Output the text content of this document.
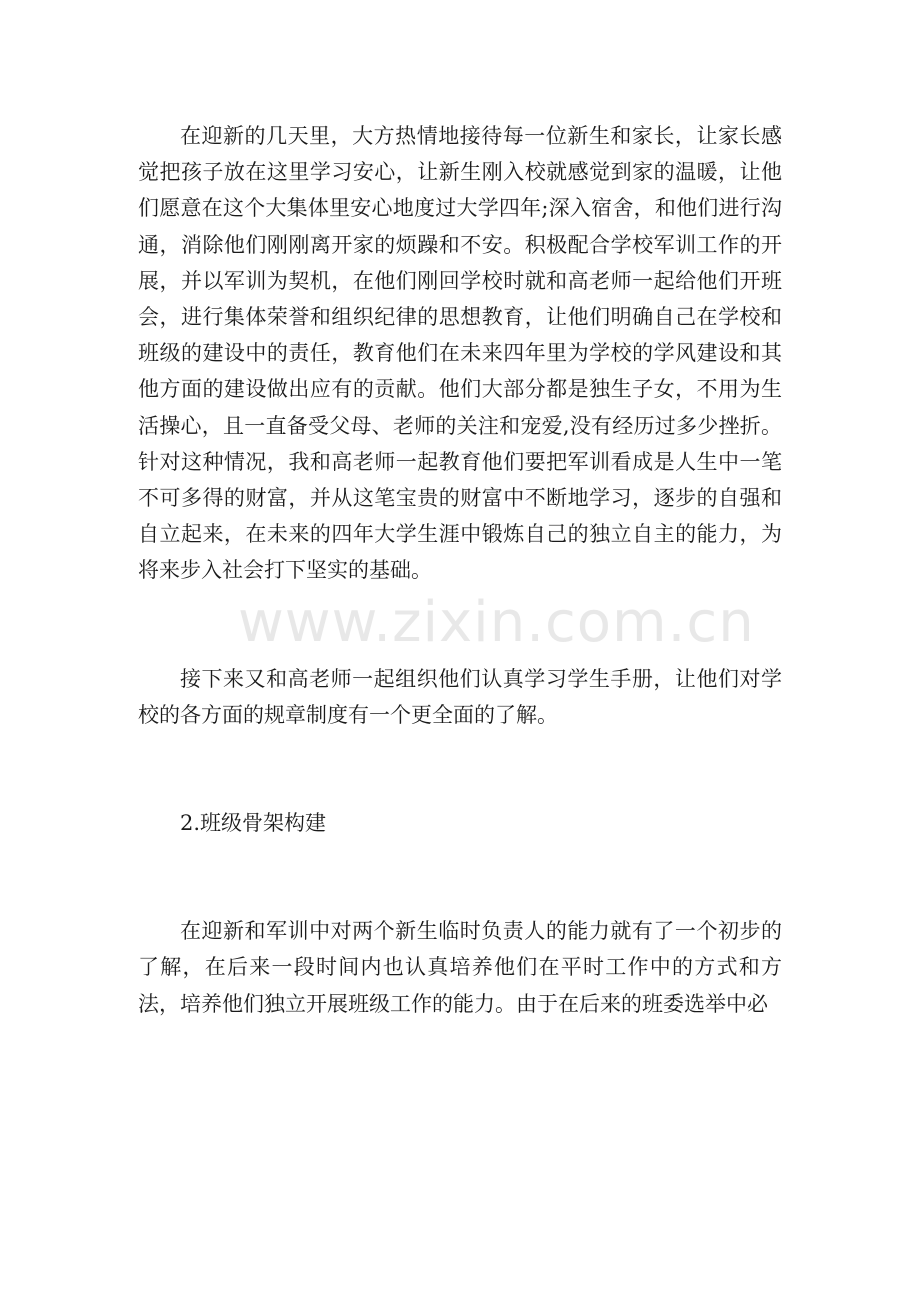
在迎新的几天里，大方热情地接待每一位新生和家长，让家长感觉把孩子放在这里学习安心，让新生刚入校就感觉到家的温暖，让他们愿意在这个大集体里安心地度过大学四年;深入宿舍，和他们进行沟通，消除他们刚刚离开家的烦躁和不安。积极配合学校军训工作的开展，并以军训为契机，在他们刚回学校时就和高老师一起给他们开班会，进行集体荣誉和组织纪律的思想教育，让他们明确自己在学校和班级的建设中的责任，教育他们在未来四年里为学校的学风建设和其他方面的建设做出应有的贡献。他们大部分都是独生子女，不用为生活操心，且一直备受父母、老师的关注和宠爱,没有经历过多少挫折。针对这种情况，我和高老师一起教育他们要把军训看成是人生中一笔不可多得的财富，并从这笔宝贵的财富中不断地学习，逐步的自强和自立起来，在未来的四年大学生涯中锻炼自己的独立自主的能力，为将来步入社会打下坚实的基础。

接下来又和高老师一起组织他们认真学习学生手册，让他们对学校的各方面的规章制度有一个更全面的了解。

2.班级骨架构建

在迎新和军训中对两个新生临时负责人的能力就有了一个初步的了解，在后来一段时间内也认真培养他们在平时工作中的方式和方法，培养他们独立开展班级工作的能力。由于在后来的班委选举中必

www.zixin.com.cn
